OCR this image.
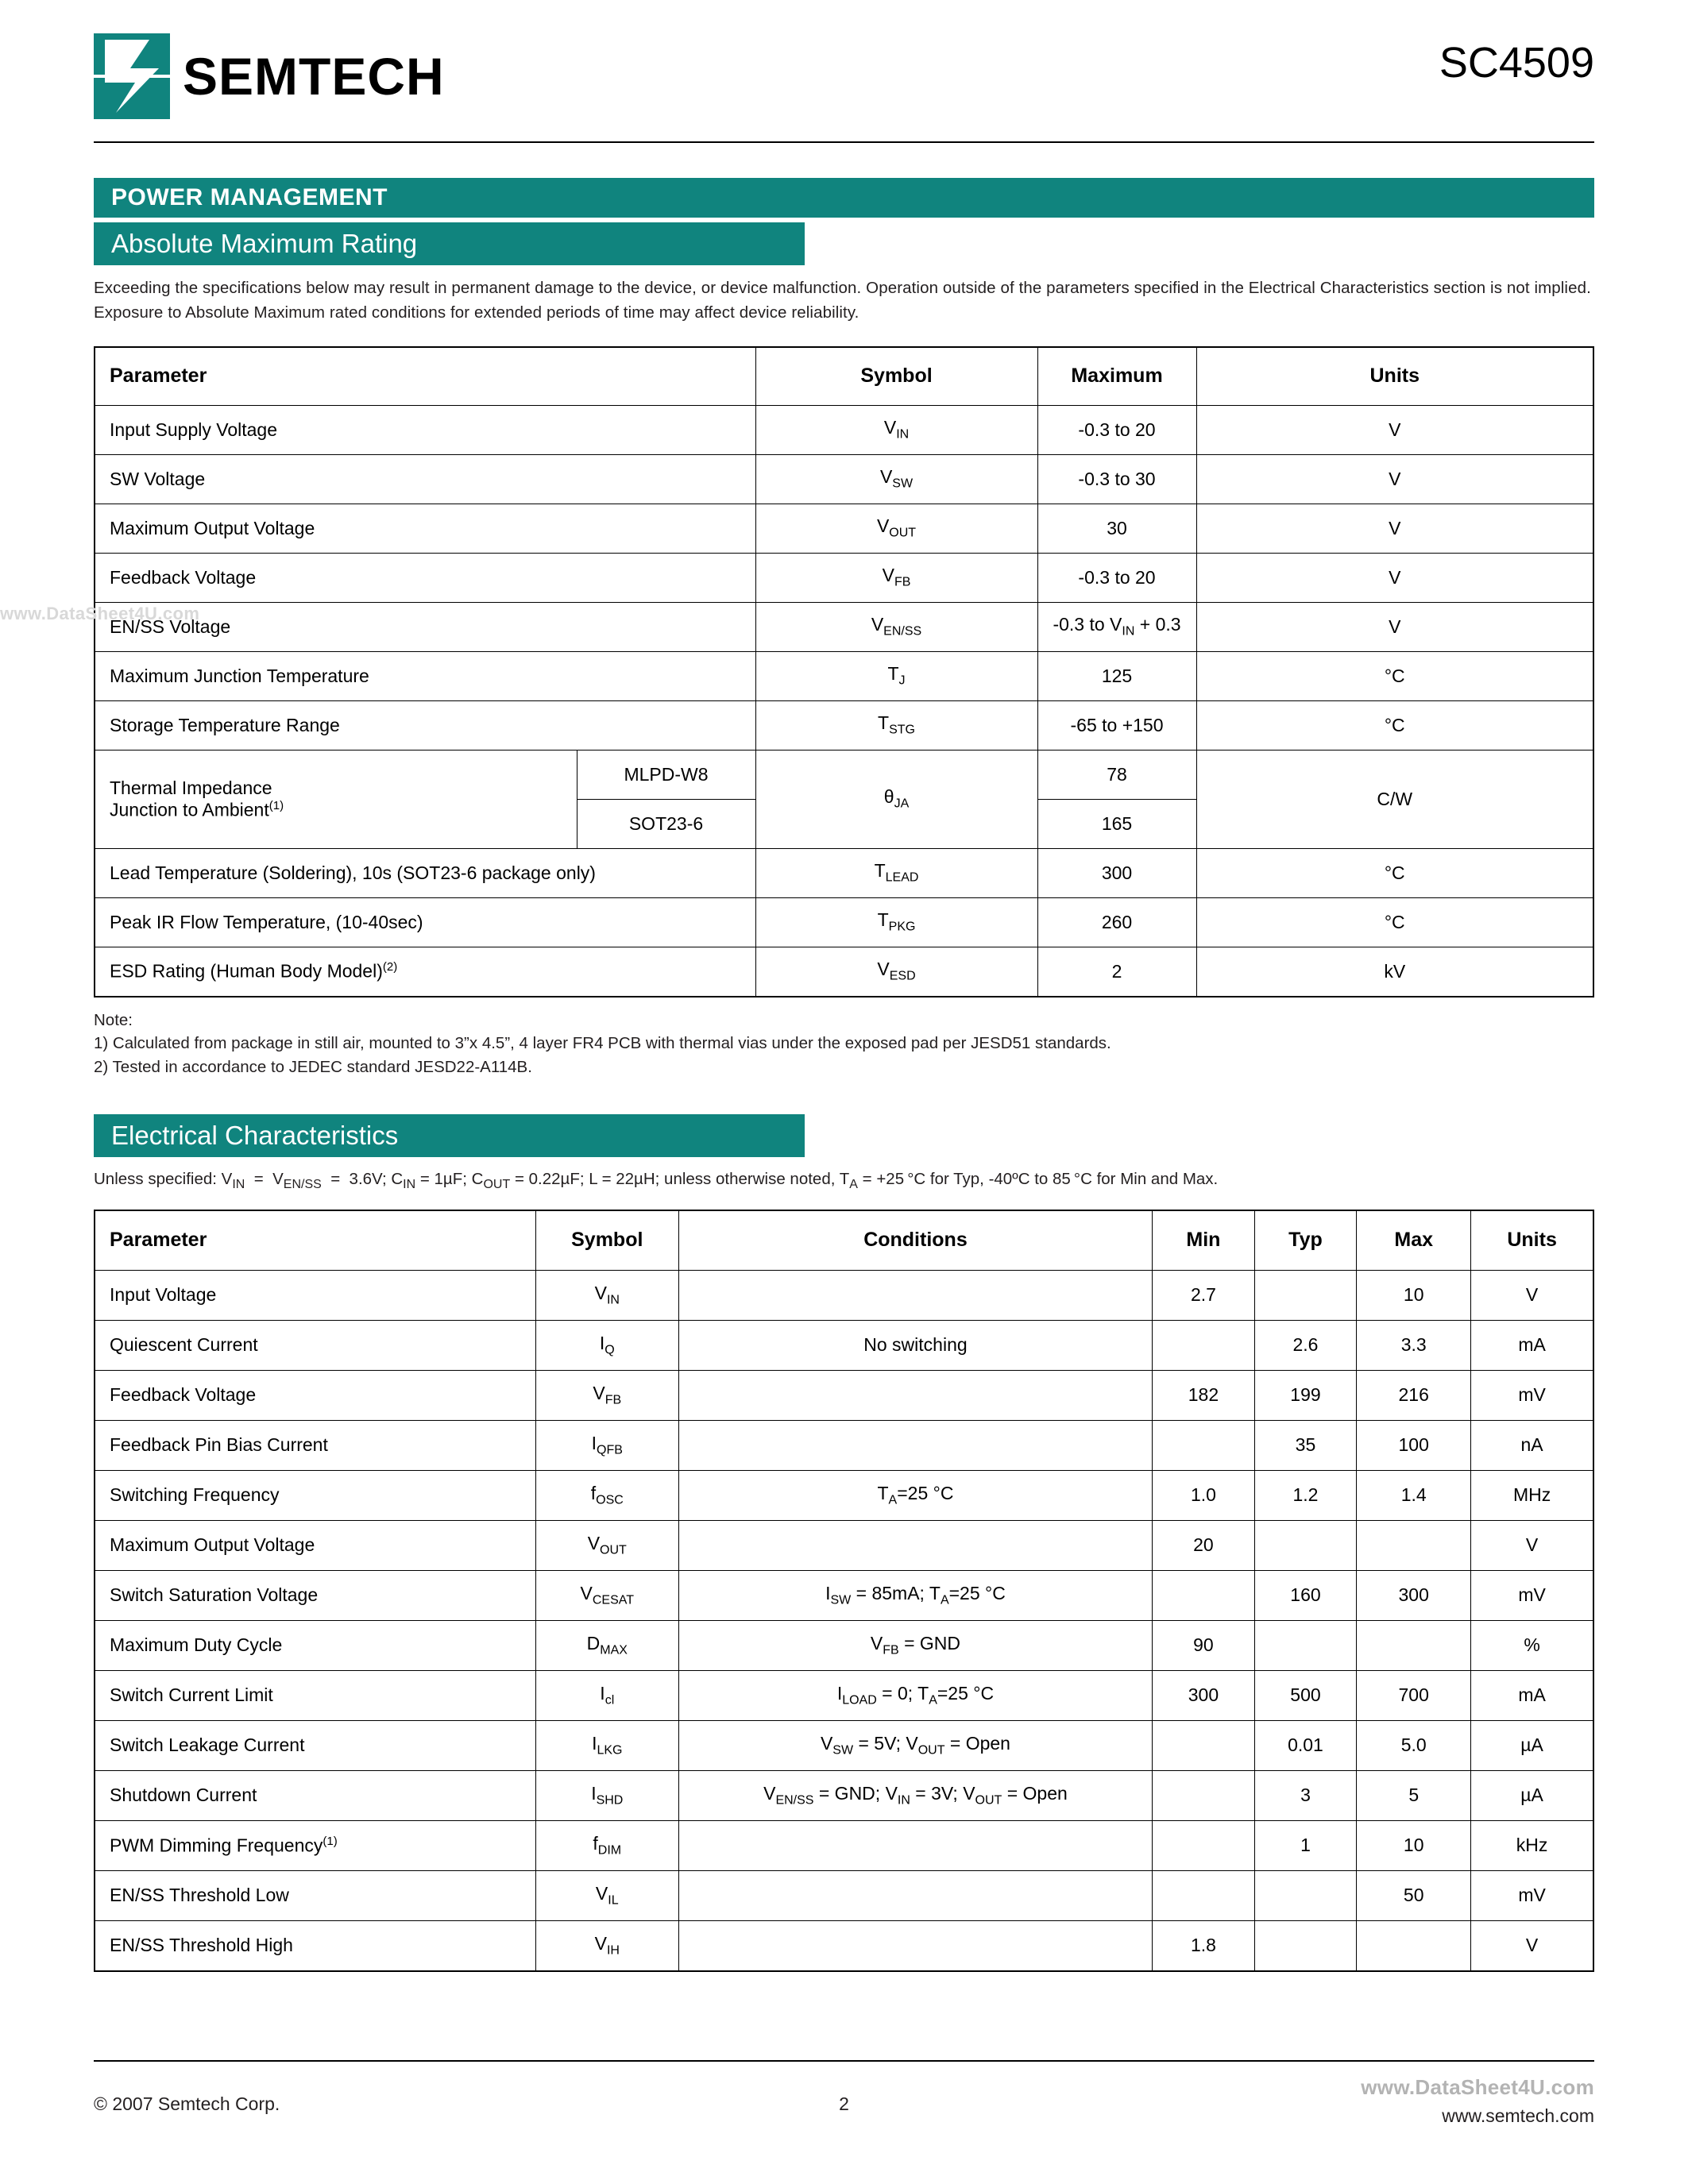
SEMTECH	SC4509
POWER MANAGEMENT
Absolute Maximum Rating
Exceeding the specifications below may result in permanent damage to the device, or device malfunction. Operation outside of the parameters specified in the Electrical Characteristics section is not implied. Exposure to Absolute Maximum rated conditions for extended periods of time may affect device reliability.
Parameter		Symbol	Maximum	Units
Input Supply Voltage		$V_{IN}$	-0.3 to 20	V
SW Voltage		$V_{SW}$	-0.3 to 30	V
Maximum Output Voltage		$V_{OUT}$	30	V
Feedback Voltage		$V_{FB}$	-0.3 to 20	V
EN/SS Voltage		$V_{EN/SS}$	-0.3 to $V_{IN} + 0.3$	V
Maximum Junction Temperature		$T_J$	125	°C
Storage Temperature Range		$T_{STG}$	-65 to +150	°C

Thermal Impedance
Junction to Ambient$^{(1)}$	MLPD-W8	$\theta_{JA}$	78	C/W
	SOT23-6		165	
Lead Temperature (Soldering), 10s (SOT23-6 package only)		$T_{LEAD}$	300	°C
Peak IR Flow Temperature, (10-40sec)		$T_{PKG}$	260	°C
ESD Rating (Human Body Model)$^{(2)}$		$V_{ESD}$	2	kV
Note:
1) Calculated from package in still air, mounted to 3”x 4.5”, 4 layer FR4 PCB with thermal vias under the exposed pad per JESD51 standards.
2) Tested in accordance to JEDEC standard JESD22-A114B.
Electrical Characteristics
Unless specified: $V_{IN} = V_{EN/SS} = 3.6V$; $C_{IN} = 1\mu F$; $C_{OUT} = 0.22\mu F$; L = 22µH; unless otherwise noted, $T_A = +25$ °C for Typ, -40ºC to 85 °C for Min and Max.
Parameter	Symbol	Conditions	Min	Typ	Max	Units
Input Voltage	$V_{IN}$		2.7		10	V
Quiescent Current	$I_Q$	No switching		2.6	3.3	mA
Feedback Voltage	$V_{FB}$		182	199	216	mV
Feedback Pin Bias Current	$I_{QFB}$			35	100	nA
Switching Frequency	$f_{OSC}$	$T_A=25$ °C	1.0	1.2	1.4	MHz
Maximum Output Voltage	$V_{OUT}$		20			V
Switch Saturation Voltage	$V_{CESAT}$	$I_{SW} = 85mA$; $T_A=25$ °C		160	300	mV
Maximum Duty Cycle	$D_{MAX}$	$V_{FB}$ = GND	90			%
Switch Current Limit	$I_{cl}$	$I_{LOAD} = 0$; $T_A=25$ °C	300	500	700	mA
Switch Leakage Current	$I_{LKG}$	$V_{SW} = 5V$; $V_{OUT}$ = Open		0.01	5.0	µA
Shutdown Current	$I_{SHD}$	$V_{EN/SS}$ = GND; $V_{IN} = 3V$; $V_{OUT}$ = Open		3	5	µA
PWM Dimming Frequency$^{(1)}$	$f_{DIM}$			1	10	kHz
EN/SS Threshold Low	$V_{IL}$				50	mV
EN/SS Threshold High	$V_{IH}$		1.8			V
www.DataSheet4U.com
© 2007 Semtech Corp.	2
www.DataSheet4U.com
www.semtech.com
